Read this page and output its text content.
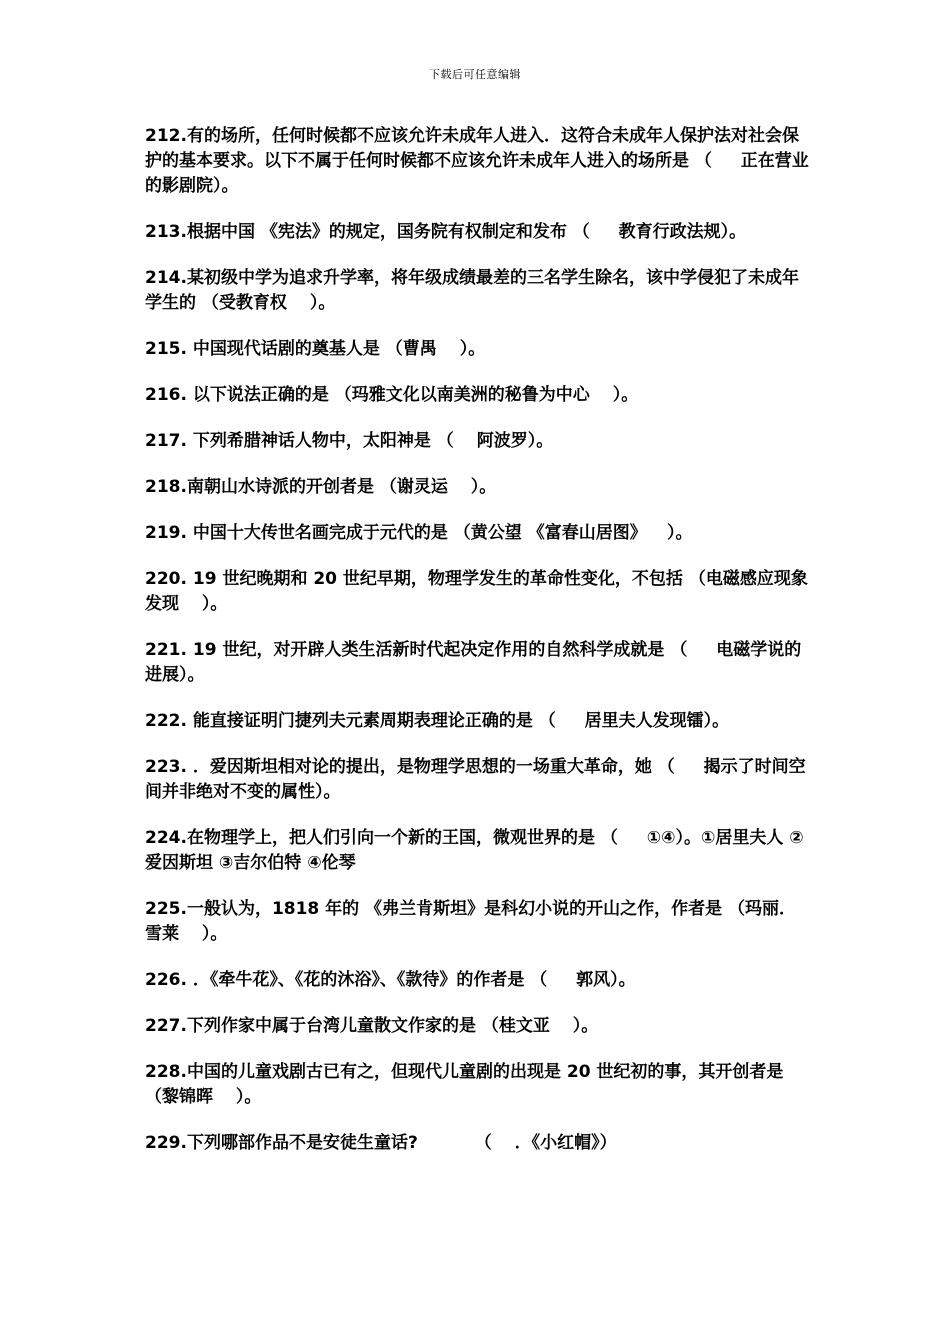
下载后可任意编辑

212.有的场所，任何时候都不应该允许未成年人进入．这符合未成年人保护法对社会保护的基本要求。以下不属于任何时候都不应该允许未成年人进入的场所是 （　  正在营业的影剧院）。

213.根据中国 《宪法》的规定，国务院有权制定和发布 （　  教育行政法规）。

214.某初级中学为追求升学率，将年级成绩最差的三名学生除名，该中学侵犯了未成年学生的 （受教育权　 ）。

215. 中国现代话剧的奠基人是 （曹禺　 ）。

216. 以下说法正确的是 （玛雅文化以南美洲的秘鲁为中心　 ）。

217. 下列希腊神话人物中，太阳神是 （　 阿波罗）。

218.南朝山水诗派的开创者是 （谢灵运　 ）。

219. 中国十大传世名画完成于元代的是 （黄公望 《富春山居图》　  ）。

220. 19 世纪晚期和 20 世纪早期，物理学发生的革命性变化，不包括 （电磁感应现象发现　 ）。

221. 19 世纪，对开辟人类生活新时代起决定作用的自然科学成就是 （　  电磁学说的进展）。

222. 能直接证明门捷列夫元素周期表理论正确的是 （　  居里夫人发现镭）。

223. ．爱因斯坦相对论的提出，是物理学思想的一场重大革命，她 （　  揭示了时间空间并非绝对不变的属性）。

224.在物理学上，把人们引向一个新的王国，微观世界的是 （　  ①④）。①居里夫人 ②爱因斯坦 ③吉尔伯特 ④伦琴

225.一般认为，1818 年的 《弗兰肯斯坦》是科幻小说的开山之作，作者是 （玛丽．雪莱　 ）。

226. ．《牵牛花》、《花的沐浴》、《款待》的作者是 （　  郭风）。

227.下列作家中属于台湾儿童散文作家的是 （桂文亚　 ）。

228.中国的儿童戏剧古已有之，但现代儿童剧的出现是 20 世纪初的事，其开创者是 （黎锦晖　 ）。

229.下列哪部作品不是安徒生童话?　　　 （　 ．《小红帽》）
